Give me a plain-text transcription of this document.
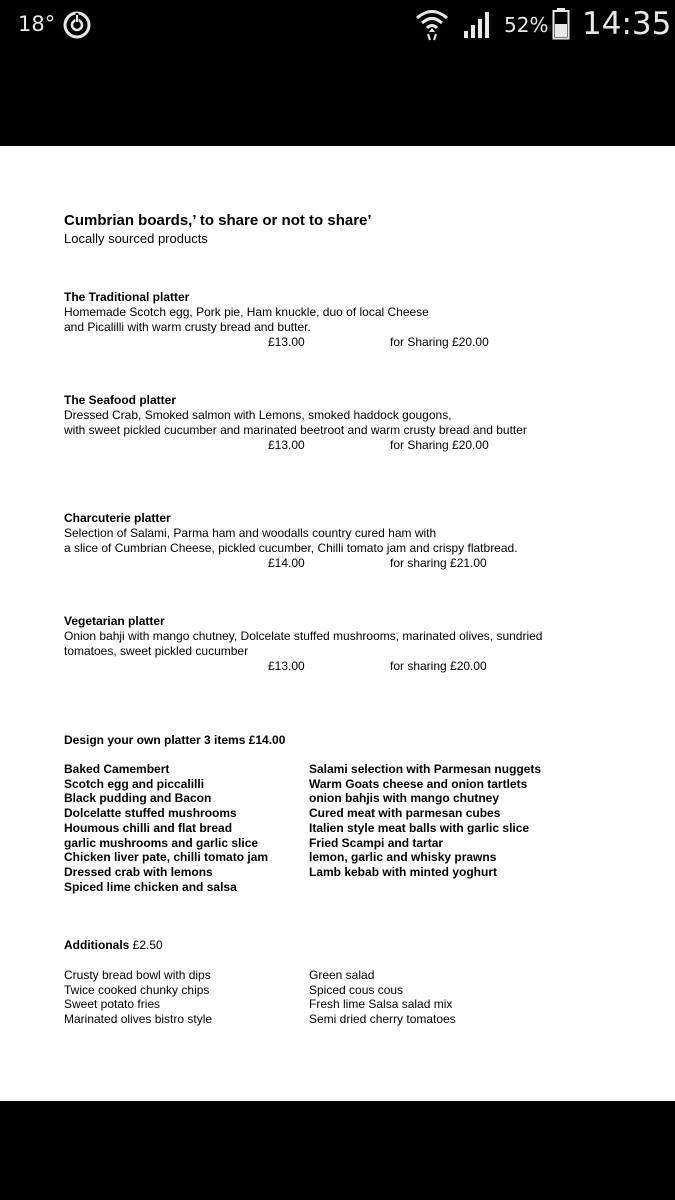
18°	52% 14:35
Cumbrian boards,’ to share or not to share’
Locally sourced products
The Traditional platter
Homemade Scotch egg, Pork pie, Ham knuckle, duo of local Cheese
and Picalilli with warm crusty bread and butter.
£13.00	for Sharing £20.00
The Seafood platter
Dressed Crab, Smoked salmon with Lemons, smoked haddock gougons,
with sweet pickled cucumber and marinated beetroot and warm crusty bread and butter
£13.00	for Sharing £20.00
Charcuterie platter
Selection of Salami, Parma ham and woodalls country cured ham with
a slice of Cumbrian Cheese, pickled cucumber, Chilli tomato jam and crispy flatbread.
£14.00	for sharing £21.00
Vegetarian platter
Onion bahji with mango chutney, Dolcelate stuffed mushrooms, marinated olives, sundried
tomatoes, sweet pickled cucumber
£13.00	for sharing £20.00
Design your own platter 3 items £14.00
Baked Camembert
Scotch egg and piccalilli
Black pudding and Bacon
Dolcelatte stuffed mushrooms
Houmous chilli and flat bread
garlic mushrooms and garlic slice
Chicken liver pate, chilli tomato jam
Dressed crab with lemons
Spiced lime chicken and salsa
Salami selection with Parmesan nuggets
Warm Goats cheese and onion tartlets
onion bahjis with mango chutney
Cured meat with parmesan cubes
Italien style meat balls with garlic slice
Fried Scampi and tartar
lemon, garlic and whisky prawns
Lamb kebab with minted yoghurt
Additionals £2.50
Crusty bread bowl with dips
Twice cooked chunky chips
Sweet potato fries
Marinated olives bistro style
Green salad
Spiced cous cous
Fresh lime Salsa salad mix
Semi dried cherry tomatoes
